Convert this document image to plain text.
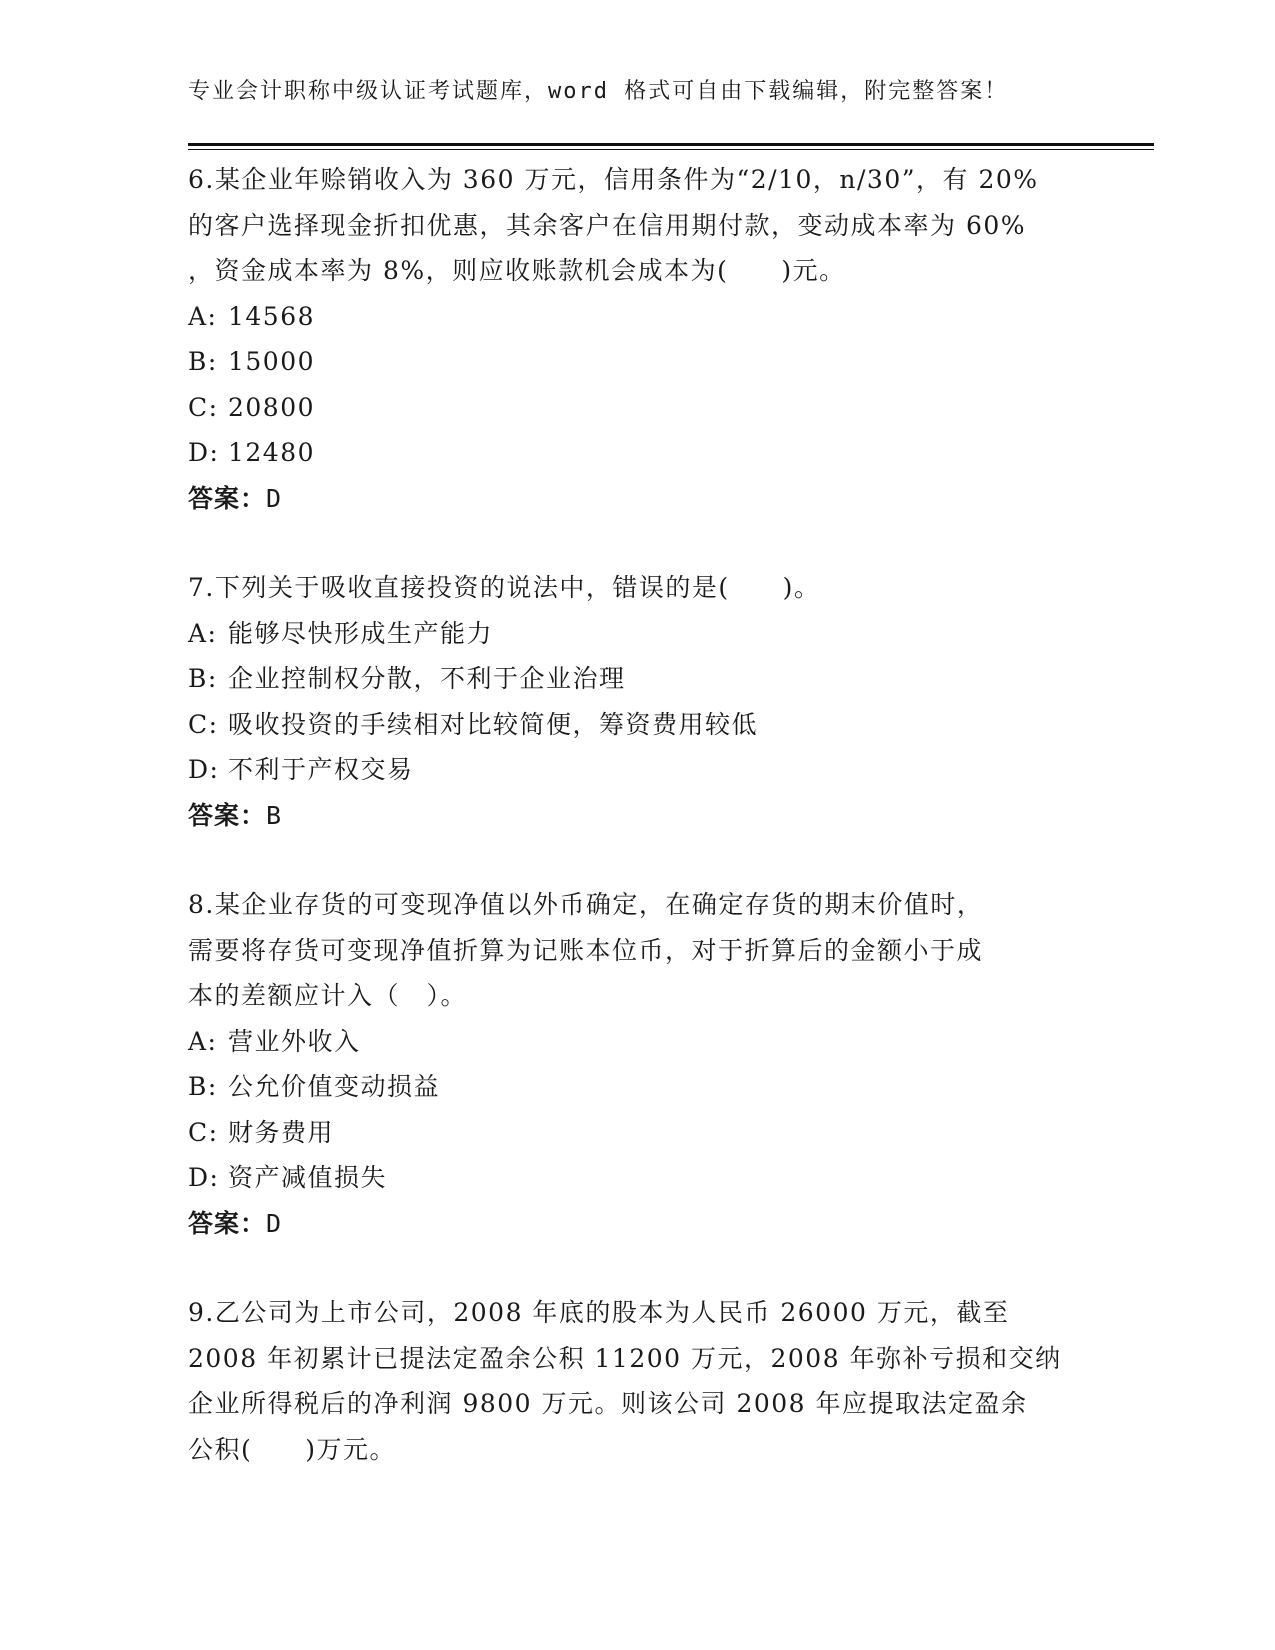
专业会计职称中级认证考试题库，word 格式可自由下载编辑，附完整答案！
6.某企业年赊销收入为 360 万元，信用条件为“2/10，n/30”，有 20%
的客户选择现金折扣优惠，其余客户在信用期付款，变动成本率为 60%
，资金成本率为 8%，则应收账款机会成本为(　　)元。
A: 14568
B: 15000
C: 20800
D: 12480
答案：D
7.下列关于吸收直接投资的说法中，错误的是(　　)。
A: 能够尽快形成生产能力
B: 企业控制权分散，不利于企业治理
C: 吸收投资的手续相对比较简便，筹资费用较低
D: 不利于产权交易
答案：B
8.某企业存货的可变现净值以外币确定，在确定存货的期末价值时，
需要将存货可变现净值折算为记账本位币，对于折算后的金额小于成
本的差额应计入（　）。
A: 营业外收入
B: 公允价值变动损益
C: 财务费用
D: 资产减值损失
答案：D
9.乙公司为上市公司，2008 年底的股本为人民币 26000 万元，截至
2008 年初累计已提法定盈余公积 11200 万元，2008 年弥补亏损和交纳
企业所得税后的净利润 9800 万元。则该公司 2008 年应提取法定盈余
公积(　　)万元。
